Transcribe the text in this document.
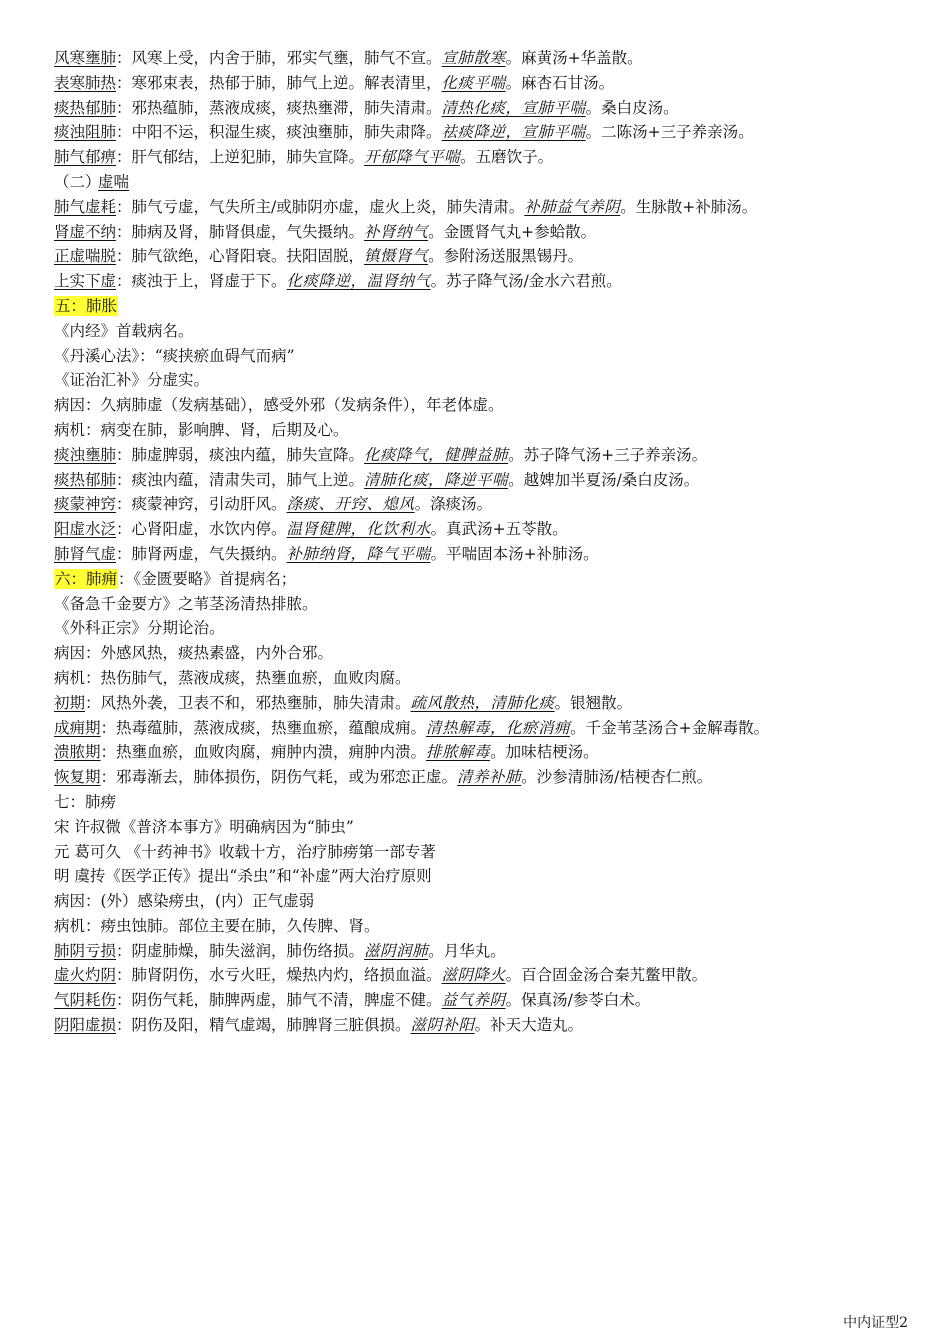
风寒壅肺：风寒上受，内舍于肺，邪实气壅，肺气不宣。宣肺散寒。麻黄汤+华盖散。
表寒肺热：寒邪束表，热郁于肺，肺气上逆。解表清里，化痰平喘。麻杏石甘汤。
痰热郁肺：邪热蕴肺，蒸液成痰，痰热壅滞，肺失清肃。清热化痰，宣肺平喘。桑白皮汤。
痰浊阻肺：中阳不运，积湿生痰，痰浊壅肺，肺失肃降。祛痰降逆，宣肺平喘。二陈汤+三子养亲汤。
肺气郁痹：肝气郁结，上逆犯肺，肺失宣降。开郁降气平喘。五磨饮子。
（二）虚喘
肺气虚耗：肺气亏虚，气失所主/或肺阴亦虚，虚火上炎，肺失清肃。补肺益气养阴。生脉散+补肺汤。
肾虚不纳：肺病及肾，肺肾俱虚，气失摄纳。补肾纳气。金匮肾气丸+参蛤散。
正虚喘脱：肺气欲绝，心肾阳衰。扶阳固脱，镇慑肾气。参附汤送服黑锡丹。
上实下虚：痰浊于上，肾虚于下。化痰降逆，温肾纳气。苏子降气汤/金水六君煎。
五：肺胀
《内经》首载病名。
《丹溪心法》：“痰挟瘀血碍气而病”
《证治汇补》分虚实。
病因：久病肺虚（发病基础），感受外邪（发病条件），年老体虚。
病机：病变在肺，影响脾、肾，后期及心。
痰浊壅肺：肺虚脾弱，痰浊内蕴，肺失宣降。化痰降气，健脾益肺。苏子降气汤+三子养亲汤。
痰热郁肺：痰浊内蕴，清肃失司，肺气上逆。清肺化痰，降逆平喘。越婢加半夏汤/桑白皮汤。
痰蒙神窍：痰蒙神窍，引动肝风。涤痰、开窍、熄风。涤痰汤。
阳虚水泛：心肾阳虚，水饮内停。温肾健脾，化饮利水。真武汤+五苓散。
肺肾气虚：肺肾两虚，气失摄纳。补肺纳肾，降气平喘。平喘固本汤+补肺汤。
六：肺痈：《金匮要略》首提病名；
《备急千金要方》之苇茎汤清热排脓。
《外科正宗》分期论治。
病因：外感风热，痰热素盛，内外合邪。
病机：热伤肺气，蒸液成痰，热壅血瘀，血败肉腐。
初期：风热外袭，卫表不和，邪热壅肺，肺失清肃。疏风散热，清肺化痰。银翘散。
成痈期：热毒蕴肺，蒸液成痰，热壅血瘀，蕴酿成痈。清热解毒，化瘀消痈。千金苇茎汤合+金解毒散。
溃脓期：热壅血瘀，血败肉腐，痈肿内溃，痈肿内溃。排脓解毒。加味桔梗汤。
恢复期：邪毒渐去，肺体损伤，阴伤气耗，或为邪恋正虚。清养补肺。沙参清肺汤/桔梗杏仁煎。
七：肺痨
宋 许叔微《普济本事方》明确病因为“肺虫”
元 葛可久 《十药神书》收载十方，治疗肺痨第一部专著
明 虞抟《医学正传》提出“杀虫”和“补虚”两大治疗原则
病因：(外）感染痨虫，(内）正气虚弱
病机：痨虫蚀肺。部位主要在肺，久传脾、肾。
肺阴亏损：阴虚肺燥，肺失滋润，肺伤络损。滋阴润肺。月华丸。
虚火灼阴：肺肾阴伤，水亏火旺，燥热内灼，络损血溢。滋阴降火。百合固金汤合秦艽鳖甲散。
气阴耗伤：阴伤气耗，肺脾两虚，肺气不清，脾虚不健。益气养阴。保真汤/参苓白术。
阴阳虚损：阴伤及阳，精气虚竭，肺脾肾三脏俱损。滋阴补阳。补天大造丸。
中内证型2
